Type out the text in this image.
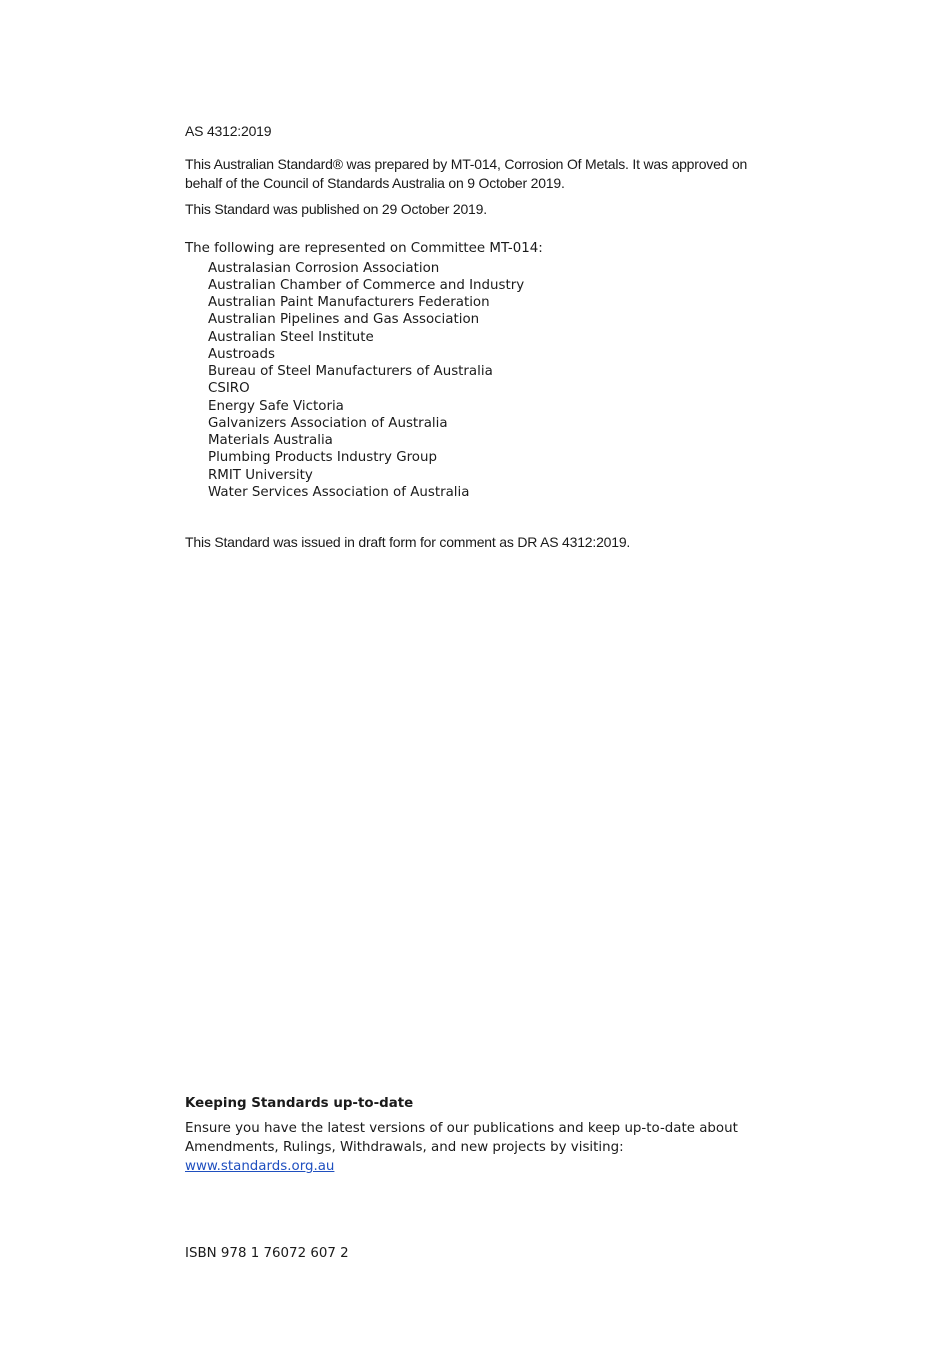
AS 4312:2019

This Australian Standard® was prepared by MT-014, Corrosion Of Metals. It was approved on behalf of the Council of Standards Australia on 9 October 2019.

This Standard was published on 29 October 2019.

The following are represented on Committee MT-014:

Australasian Corrosion Association
Australian Chamber of Commerce and Industry
Australian Paint Manufacturers Federation
Australian Pipelines and Gas Association
Australian Steel Institute
Austroads
Bureau of Steel Manufacturers of Australia
CSIRO
Energy Safe Victoria
Galvanizers Association of Australia
Materials Australia
Plumbing Products Industry Group
RMIT University
Water Services Association of Australia

This Standard was issued in draft form for comment as DR AS 4312:2019.

Keeping Standards up-to-date

Ensure you have the latest versions of our publications and keep up-to-date about Amendments, Rulings, Withdrawals, and new projects by visiting:
www.standards.org.au

ISBN 978 1 76072 607 2
